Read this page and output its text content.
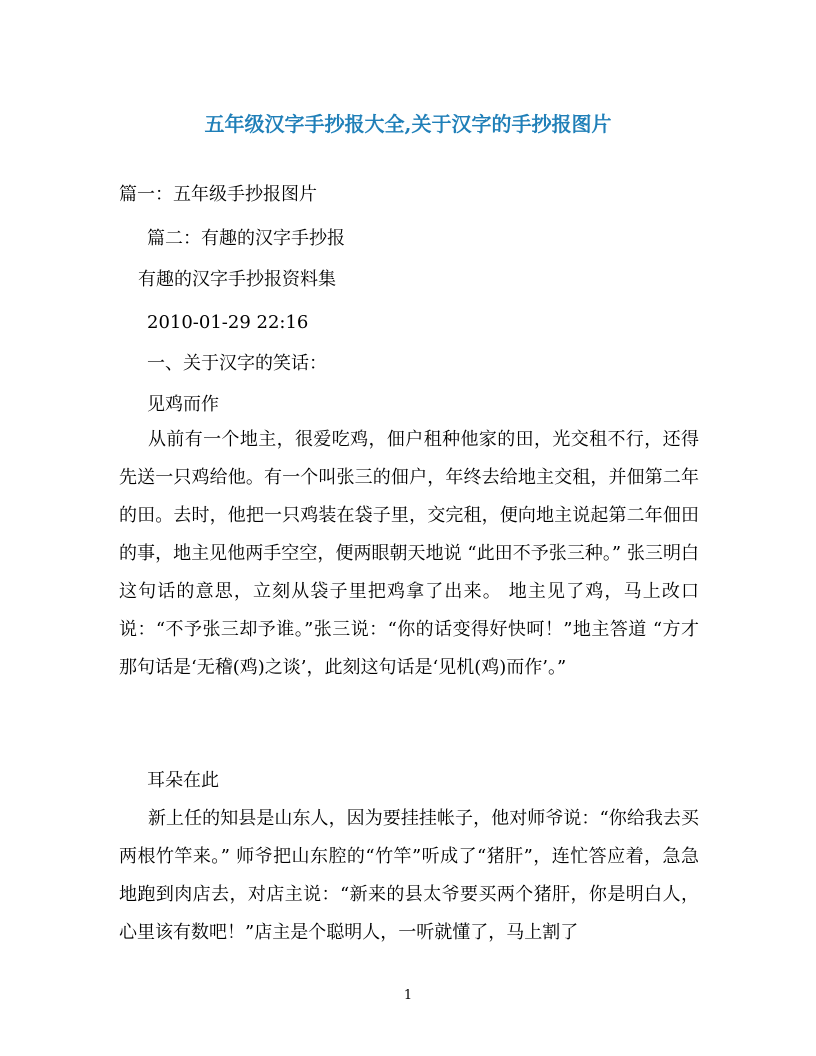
五年级汉字手抄报大全,关于汉字的手抄报图片
篇一：五年级手抄报图片
篇二：有趣的汉字手抄报
有趣的汉字手抄报资料集
2010-01-29 22:16
一、关于汉字的笑话：
见鸡而作
从前有一个地主，很爱吃鸡，佃户租种他家的田，光交租不行，还得先送一只鸡给他。有一个叫张三的佃户，年终去给地主交租，并佃第二年的田。去时，他把一只鸡装在袋子里，交完租，便向地主说起第二年佃田的事，地主见他两手空空，便两眼朝天地说 “此田不予张三种。” 张三明白这句话的意思，立刻从袋子里把鸡拿了出来。 地主见了鸡，马上改口说：“不予张三却予谁。”张三说：“你的话变得好快呵！”地主答道 “方才那句话是‘无稽(鸡)之谈’，此刻这句话是‘见机(鸡)而作’。”
耳朵在此
新上任的知县是山东人，因为要挂挂帐子，他对师爷说：“你给我去买两根竹竿来。” 师爷把山东腔的“竹竿”听成了“猪肝”，连忙答应着，急急地跑到肉店去，对店主说：“新来的县太爷要买两个猪肝，你是明白人，心里该有数吧！”店主是个聪明人，一听就懂了，马上割了
1
